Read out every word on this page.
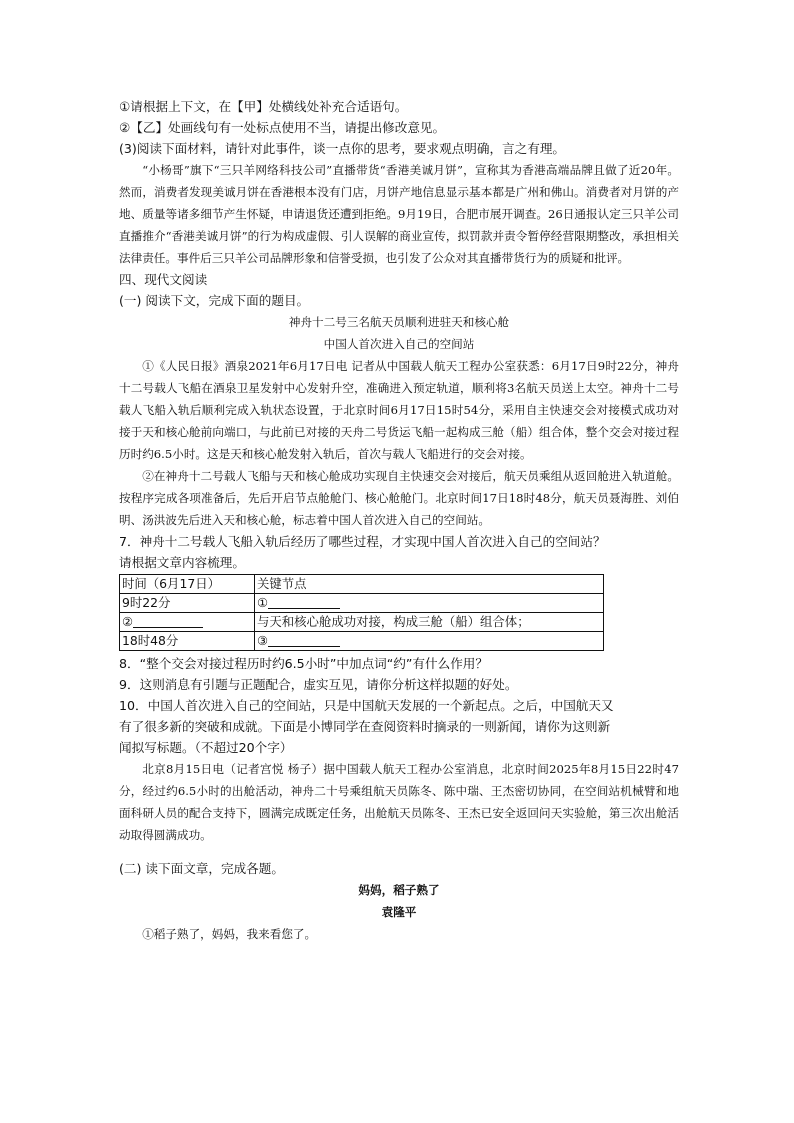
①请根据上下文，在【甲】处横线处补充合适语句。
②【乙】处画线句有一处标点使用不当，请提出修改意见。
(3)阅读下面材料，请针对此事件，谈一点你的思考，要求观点明确，言之有理。
“小杨哥”旗下“三只羊网络科技公司”直播带货“香港美诚月饼”，宣称其为香港高端品牌且做了近20年。然而，消费者发现美诚月饼在香港根本没有门店，月饼产地信息显示基本都是广州和佛山。消费者对月饼的产地、质量等诸多细节产生怀疑，申请退货还遭到拒绝。9月19日，合肥市展开调查。26日通报认定三只羊公司直播推介“香港美诚月饼”的行为构成虚假、引人误解的商业宣传，拟罚款并责令暂停经营限期整改，承担相关法律责任。事件后三只羊公司品牌形象和信誉受损，也引发了公众对其直播带货行为的质疑和批评。
四、现代文阅读
(一) 阅读下文，完成下面的题目。
神舟十二号三名航天员顺利进驻天和核心舱
中国人首次进入自己的空间站
①《人民日报》酒泉2021年6月17日电 记者从中国载人航天工程办公室获悉：6月17日9时22分，神舟十二号载人飞船在酒泉卫星发射中心发射升空，准确进入预定轨道，顺利将3名航天员送上太空。神舟十二号载人飞船入轨后顺利完成入轨状态设置，于北京时间6月17日15时54分，采用自主快速交会对接模式成功对接于天和核心舱前向端口，与此前已对接的天舟二号货运飞船一起构成三舱（船）组合体，整个交会对接过程历时约6.5小时。这是天和核心舱发射入轨后，首次与载人飞船进行的交会对接。
②在神舟十二号载人飞船与天和核心舱成功实现自主快速交会对接后，航天员乘组从返回舱进入轨道舱。按程序完成各项准备后，先后开启节点舱舱门、核心舱舱门。北京时间17日18时48分，航天员聂海胜、刘伯明、汤洪波先后进入天和核心舱，标志着中国人首次进入自己的空间站。
7．神舟十二号载人飞船入轨后经历了哪些过程，才实现中国人首次进入自己的空间站？
请根据文章内容梳理。
时间（6月17日）	关键节点
9时22分	①
②	与天和核心舱成功对接，构成三舱（船）组合体；
18时48分	③
8．“整个交会对接过程历时约6.5小时”中加点词“约”有什么作用？
9．这则消息有引题与正题配合，虚实互见，请你分析这样拟题的好处。
10．中国人首次进入自己的空间站，只是中国航天发展的一个新起点。之后，中国航天又
有了很多新的突破和成就。下面是小博同学在查阅资料时摘录的一则新闻，请你为这则新
闻拟写标题。（不超过20个字）
北京8月15日电（记者宫悦 杨子）据中国载人航天工程办公室消息，北京时间2025年8月15日22时47分，经过约6.5小时的出舱活动，神舟二十号乘组航天员陈冬、陈中瑞、王杰密切协同，在空间站机械臂和地面科研人员的配合支持下，圆满完成既定任务，出舱航天员陈冬、王杰已安全返回问天实验舱，第三次出舱活动取得圆满成功。
(二) 读下面文章，完成各题。
妈妈，稻子熟了
袁隆平
①稻子熟了，妈妈，我来看您了。
